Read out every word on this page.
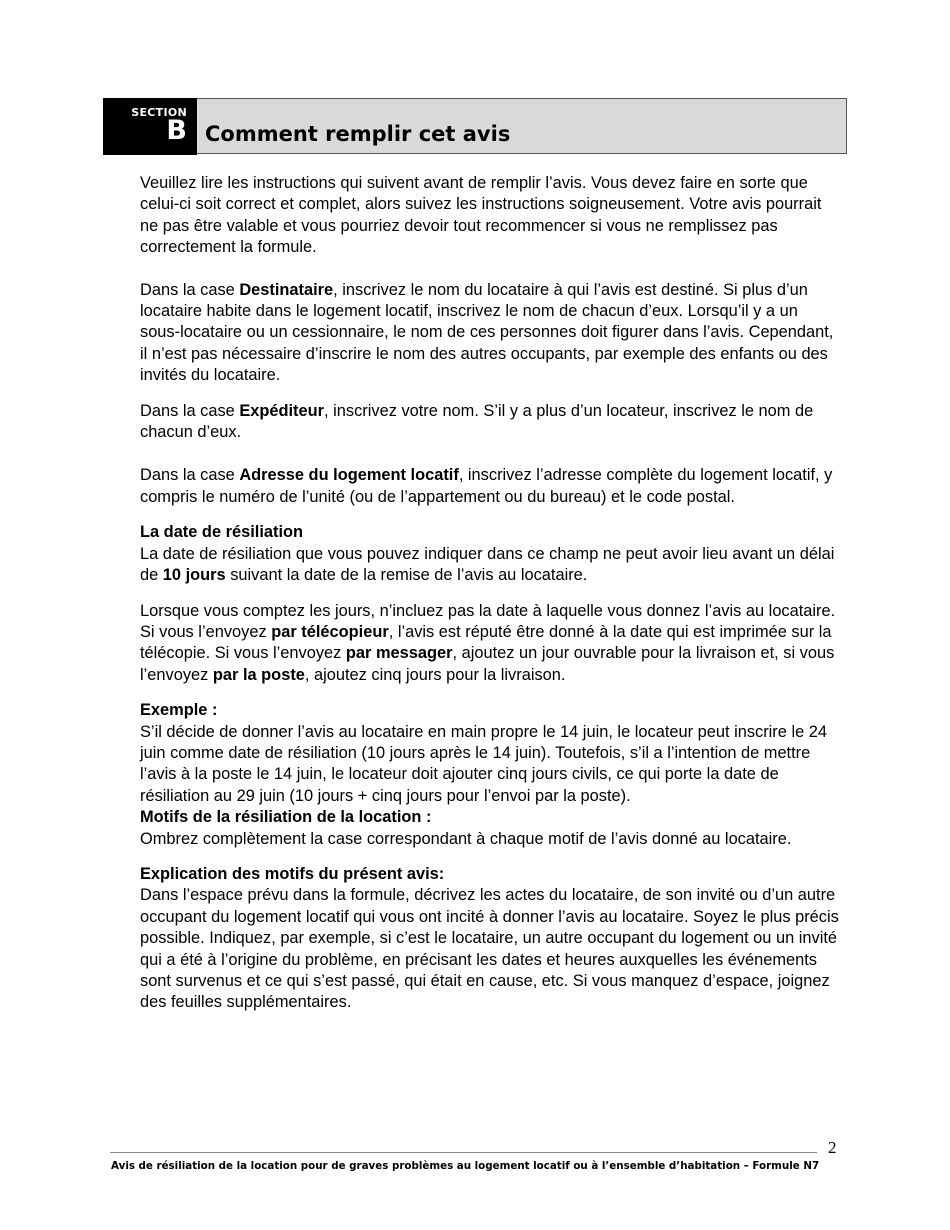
SECTION
B Comment remplir cet avis

Veuillez lire les instructions qui suivent avant de remplir l’avis. Vous devez faire en sorte que celui-ci soit correct et complet, alors suivez les instructions soigneusement. Votre avis pourrait ne pas être valable et vous pourriez devoir tout recommencer si vous ne remplissez pas correctement la formule.

Dans la case Destinataire, inscrivez le nom du locataire à qui l’avis est destiné. Si plus d’un locataire habite dans le logement locatif, inscrivez le nom de chacun d’eux. Lorsqu’il y a un sous-locataire ou un cessionnaire, le nom de ces personnes doit figurer dans l’avis. Cependant, il n’est pas nécessaire d’inscrire le nom des autres occupants, par exemple des enfants ou des invités du locataire.

Dans la case Expéditeur, inscrivez votre nom. S’il y a plus d’un locateur, inscrivez le nom de chacun d’eux.

Dans la case Adresse du logement locatif, inscrivez l’adresse complète du logement locatif, y compris le numéro de l’unité (ou de l’appartement ou du bureau) et le code postal.

La date de résiliation
La date de résiliation que vous pouvez indiquer dans ce champ ne peut avoir lieu avant un délai de 10 jours suivant la date de la remise de l’avis au locataire.

Lorsque vous comptez les jours, n’incluez pas la date à laquelle vous donnez l’avis au locataire. Si vous l’envoyez par télécopieur, l’avis est réputé être donné à la date qui est imprimée sur la télécopie. Si vous l’envoyez par messager, ajoutez un jour ouvrable pour la livraison et, si vous l’envoyez par la poste, ajoutez cinq jours pour la livraison.

Exemple :
S’il décide de donner l’avis au locataire en main propre le 14 juin, le locateur peut inscrire le 24 juin comme date de résiliation (10 jours après le 14 juin). Toutefois, s’il a l’intention de mettre l’avis à la poste le 14 juin, le locateur doit ajouter cinq jours civils, ce qui porte la date de résiliation au 29 juin (10 jours + cinq jours pour l’envoi par la poste).

Motifs de la résiliation de la location :
Ombrez complètement la case correspondant à chaque motif de l’avis donné au locataire.

Explication des motifs du présent avis:
Dans l’espace prévu dans la formule, décrivez les actes du locataire, de son invité ou d’un autre occupant du logement locatif qui vous ont incité à donner l’avis au locataire. Soyez le plus précis possible. Indiquez, par exemple, si c’est le locataire, un autre occupant du logement ou un invité qui a été à l’origine du problème, en précisant les dates et heures auxquelles les événements sont survenus et ce qui s’est passé, qui était en cause, etc. Si vous manquez d’espace, joignez des feuilles supplémentaires.

2
Avis de résiliation de la location pour de graves problèmes au logement locatif ou à l’ensemble d’habitation – Formule N7
